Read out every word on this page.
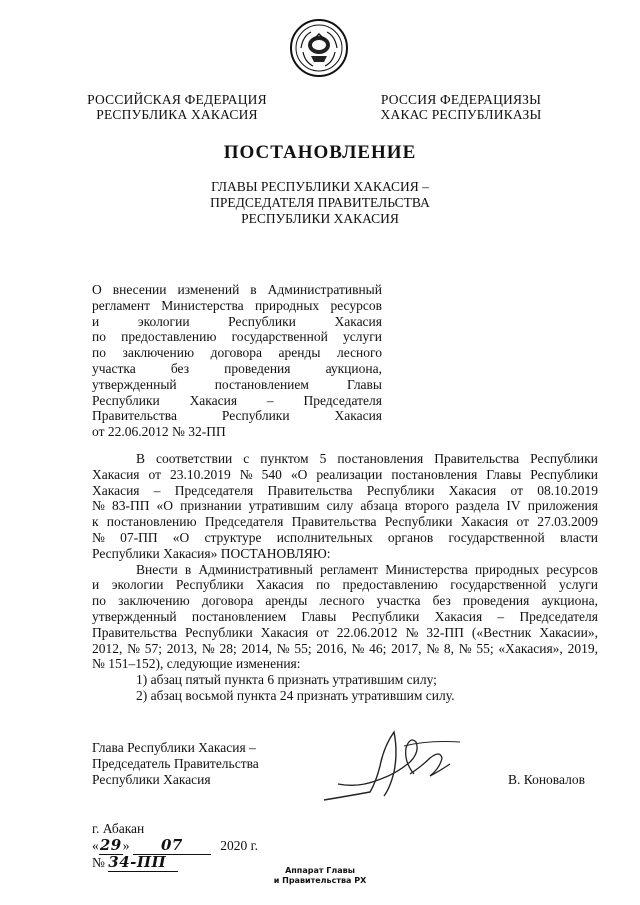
РОССИЙСКАЯ ФЕДЕРАЦИЯ
РЕСПУБЛИКА ХАКАСИЯ
РОССИЯ ФЕДЕРАЦИЯЗЫ
ХАКАС РЕСПУБЛИКАЗЫ
ПОСТАНОВЛЕНИЕ
ГЛАВЫ РЕСПУБЛИКИ ХАКАСИЯ –
ПРЕДСЕДАТЕЛЯ ПРАВИТЕЛЬСТВА
РЕСПУБЛИКИ ХАКАСИЯ
О внесении изменений в Административный
регламент Министерства природных ресурсов
и	экологии	Республики	Хакасия
по предоставлению государственной услуги
по заключению договора аренды лесного
участка	без	проведения	аукциона,
утвержденный	постановлением	Главы
Республики Хакасия – Председателя
Правительства	Республики	Хакасия
от 22.06.2012 № 32-ПП
В соответствии с пунктом 5 постановления Правительства Республики
Хакасия от 23.10.2019 № 540 «О реализации постановления Главы Республики
Хакасия – Председателя Правительства Республики Хакасия от 08.10.2019
№ 83-ПП «О признании утратившим силу абзаца второго раздела IV приложения
к постановлению Председателя Правительства Республики Хакасия от 27.03.2009
№ 07-ПП «О структуре исполнительных органов государственной власти
Республики Хакасия» ПОСТАНОВЛЯЮ:
Внести в Административный регламент Министерства природных ресурсов
и экологии Республики Хакасия по предоставлению государственной услуги
по заключению договора аренды лесного участка без проведения аукциона,
утвержденный постановлением Главы Республики Хакасия – Председателя
Правительства Республики Хакасия от 22.06.2012 № 32-ПП («Вестник Хакасии»,
2012, № 57; 2013, № 28; 2014, № 55; 2016, № 46; 2017, № 8, № 55; «Хакасия», 2019,
№ 151–152), следующие изменения:
1) абзац пятый пункта 6 признать утратившим силу;
2) абзац восьмой пункта 24 признать утратившим силу.
Глава Республики Хакасия –
Председатель Правительства
Республики Хакасия	В. Коновалов
г. Абакан
«29» 07	2020 г.
№ 34-ПП	Аппарат Главы
и Правительства РХ
